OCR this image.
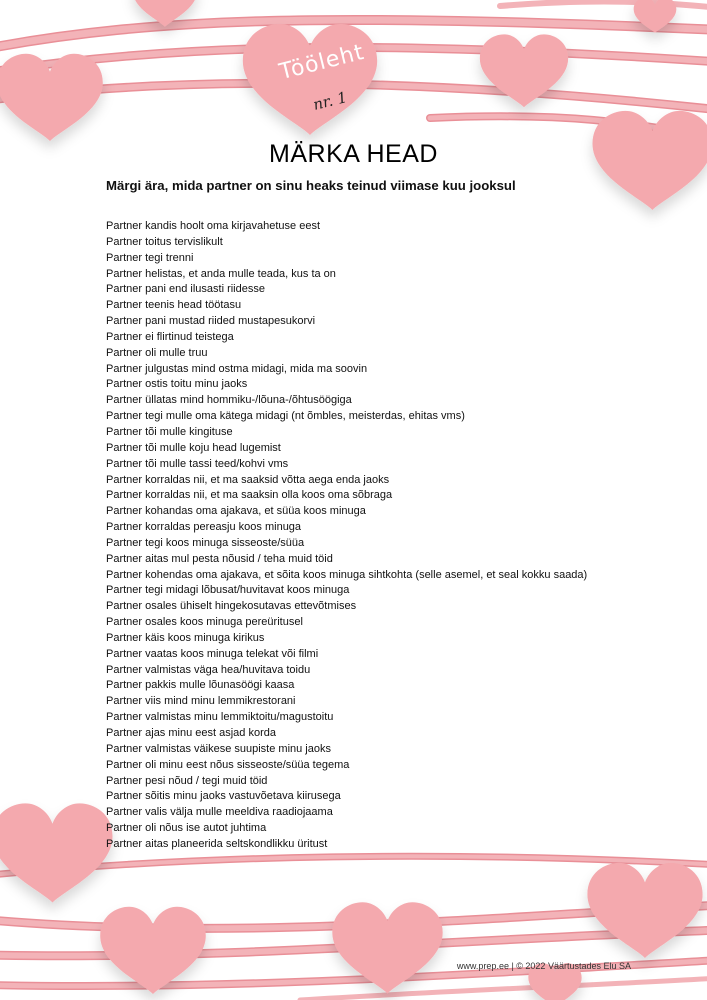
Tööleht
nr. 1
MÄRKA HEAD

Märgi ära, mida partner on sinu heaks teinud viimase kuu jooksul

Partner kandis hoolt oma kirjavahetuse eest
Partner toitus tervislikult
Partner tegi trenni
Partner helistas, et anda mulle teada, kus ta on
Partner pani end ilusasti riidesse
Partner teenis head töötasu
Partner pani mustad riided mustapesukorvi
Partner ei flirtinud teistega
Partner oli mulle truu
Partner julgustas mind ostma midagi, mida ma soovin
Partner ostis toitu minu jaoks
Partner üllatas mind hommiku-/lõuna-/õhtusöögiga
Partner tegi mulle oma kätega midagi (nt õmbles, meisterdas, ehitas vms)
Partner tõi mulle kingituse
Partner tõi mulle koju head lugemist
Partner tõi mulle tassi teed/kohvi vms
Partner korraldas nii, et ma saaksid võtta aega enda jaoks
Partner korraldas nii, et ma saaksin olla koos oma sõbraga
Partner kohandas oma ajakava, et süüa koos minuga
Partner korraldas pereasju koos minuga
Partner tegi koos minuga sisseoste/süüa
Partner aitas mul pesta nõusid / teha muid töid
Partner kohendas oma ajakava, et sõita koos minuga sihtkohta (selle asemel, et seal kokku saada)
Partner tegi midagi lõbusat/huvitavat koos minuga
Partner osales ühiselt hingekosutavas ettevõtmises
Partner osales koos minuga pereüritusel
Partner käis koos minuga kirikus
Partner vaatas koos minuga telekat või filmi
Partner valmistas väga hea/huvitava toidu
Partner pakkis mulle lõunasöögi kaasa
Partner viis mind minu lemmikrestorani
Partner valmistas minu lemmiktoitu/magustoitu
Partner ajas minu eest asjad korda
Partner valmistas väikese suupiste minu jaoks
Partner oli minu eest nõus sisseoste/süüa tegema
Partner pesi nõud / tegi muid töid
Partner sõitis minu jaoks vastuvõetava kiirusega
Partner valis välja mulle meeldiva raadiojaama
Partner oli nõus ise autot juhtima
Partner aitas planeerida seltskondlikku üritust
www.prep.ee | © 2022 Väärtustades Elu SA
